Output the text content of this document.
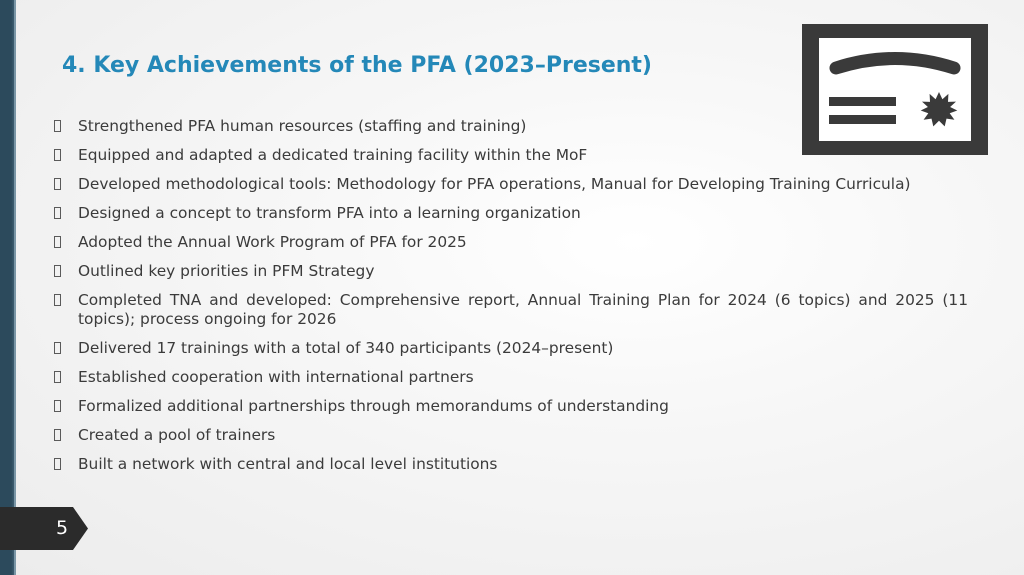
4. Key Achievements of the PFA (2023–Present)
Strengthened PFA human resources (staffing and training)
Equipped and adapted a dedicated training facility within the MoF
Developed methodological tools: Methodology for PFA operations, Manual for Developing Training Curricula)
Designed a concept to transform PFA into a learning organization
Adopted the Annual Work Program of PFA for 2025
Outlined key priorities in PFM Strategy
Completed TNA and developed: Comprehensive report, Annual Training Plan for 2024 (6 topics) and 2025 (11 topics); process ongoing for 2026
Delivered 17 trainings with a total of 340 participants (2024–present)
Established cooperation with international partners
Formalized additional partnerships through memorandums of understanding
Created a pool of trainers
Built a network with central and local level institutions
5
